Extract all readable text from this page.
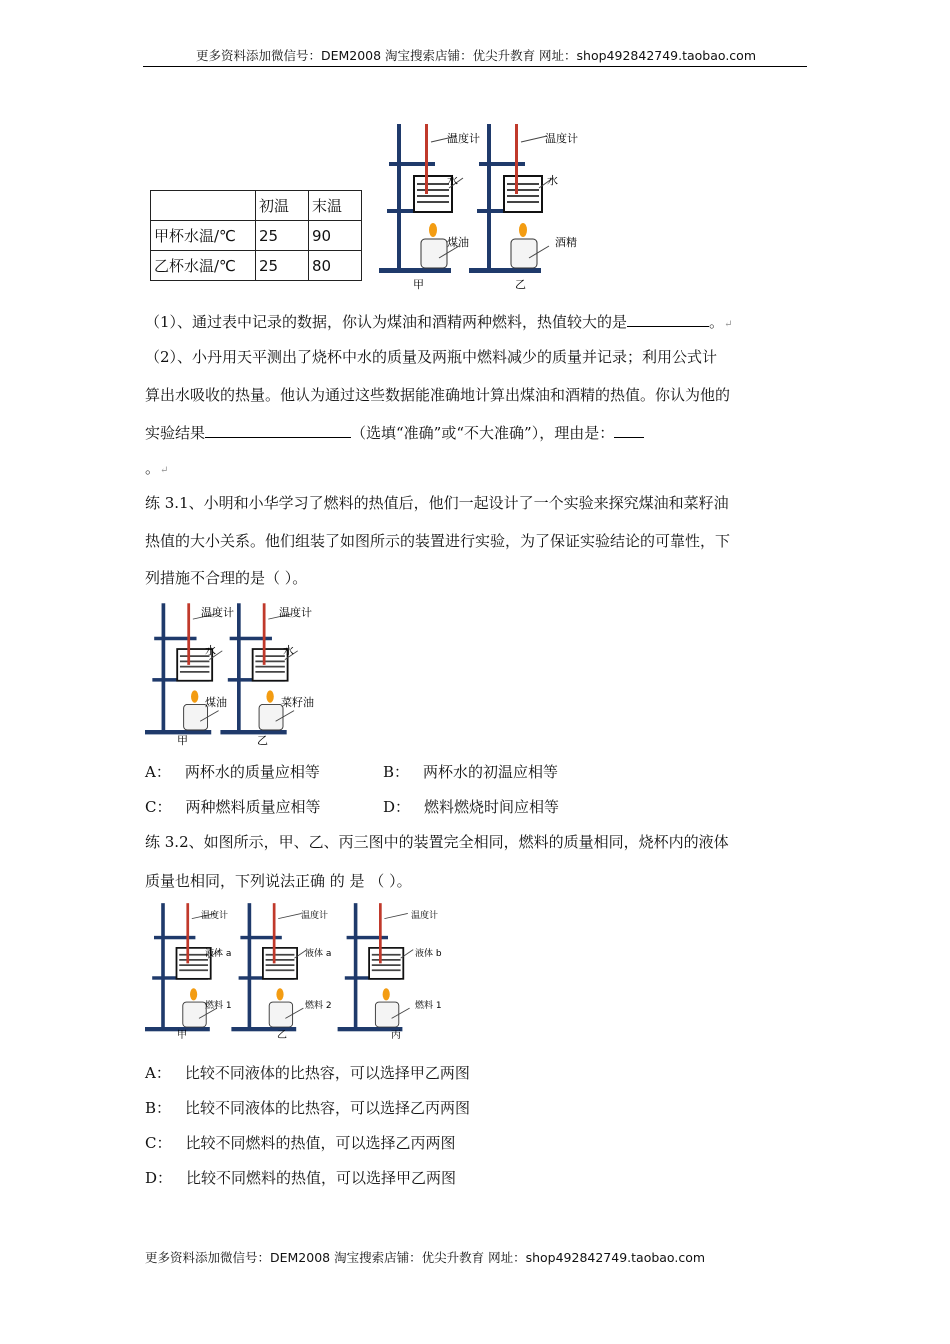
更多资料添加微信号：DEM2008 淘宝搜索店铺：优尖升教育 网址：shop492842749.taobao.com
	初温	末温
甲杯水温/℃	25	90
乙杯水温/℃	25	80
温度计
水
煤油
甲
温度计
水
酒精
乙
（1）、通过表中记录的数据，你认为煤油和酒精两种燃料，热值较大的是	。↵
（2）、小丹用天平测出了烧杯中水的质量及两瓶中燃料减少的质量并记录；利用公式计
算出水吸收的热量。他认为通过这些数据能准确地计算出煤油和酒精的热值。你认为他的
实验结果	（选填“准确”或“不大准确”），理由是：
。↵
练 3.1、小明和小华学习了燃料的热值后，他们一起设计了一个实验来探究煤油和菜籽油
热值的大小关系。他们组装了如图所示的装置进行实验，为了保证实验结论的可靠性，下
列措施不合理的是（ ）。
温度计
水
煤油
甲
温度计
水
菜籽油
乙
A： 两杯水的质量应相等	B： 两杯水的初温应相等
C： 两种燃料质量应相等	D： 燃料燃烧时间应相等
练 3.2、如图所示，甲、乙、丙三图中的装置完全相同，燃料的质量相同，烧杯内的液体
质量也相同，下列说法正确 的 是 （ ）。
温度计
液体 a
燃料 1
甲
温度计
液体 a
燃料 2
乙
温度计
液体 b
燃料 1
丙
A： 比较不同液体的比热容，可以选择甲乙两图
B： 比较不同液体的比热容，可以选择乙丙两图
C： 比较不同燃料的热值，可以选择乙丙两图
D： 比较不同燃料的热值，可以选择甲乙两图
更多资料添加微信号：DEM2008 淘宝搜索店铺：优尖升教育 网址：shop492842749.taobao.com
